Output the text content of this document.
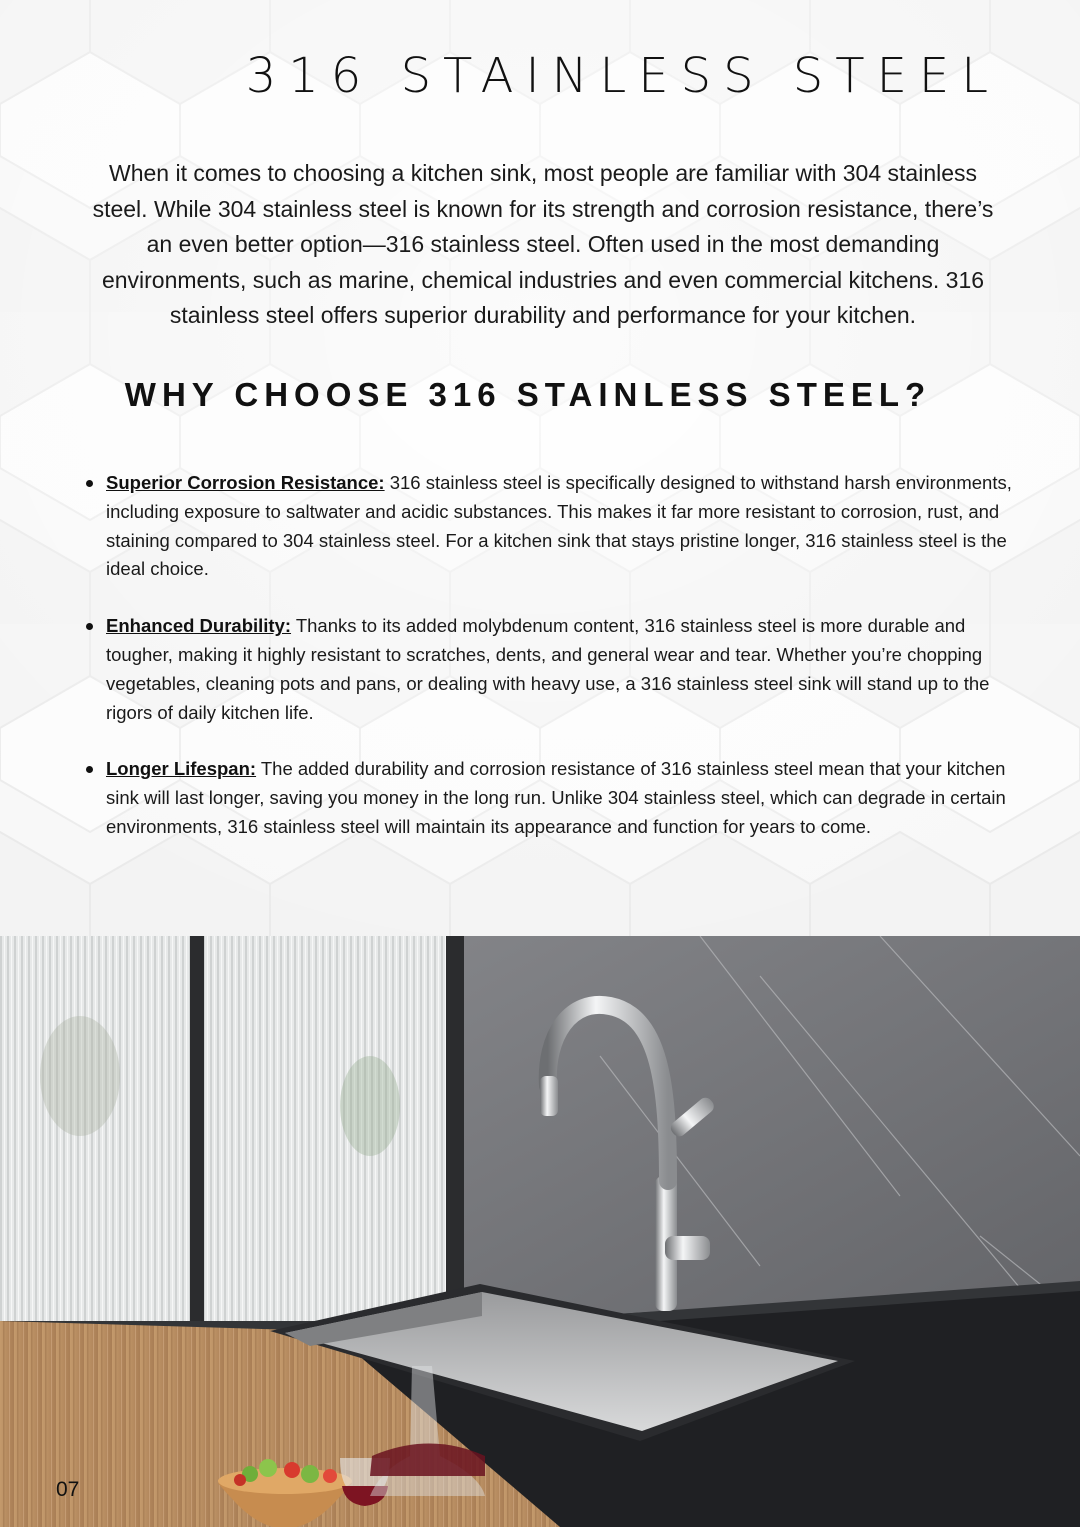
316 STAINLESS STEEL

When it comes to choosing a kitchen sink, most people are familiar with 304 stainless steel. While 304 stainless steel is known for its strength and corrosion resistance, there’s an even better option—316 stainless steel. Often used in the most demanding environments, such as marine, chemical industries and even commercial kitchens. 316 stainless steel offers superior durability and performance for your kitchen.

WHY CHOOSE 316 STAINLESS STEEL?
Superior Corrosion Resistance: 316 stainless steel is specifically designed to withstand harsh environments, including exposure to saltwater and acidic substances. This makes it far more resistant to corrosion, rust, and staining compared to 304 stainless steel. For a kitchen sink that stays pristine longer, 316 stainless steel is the ideal choice.
Enhanced Durability: Thanks to its added molybdenum content, 316 stainless steel is more durable and tougher, making it highly resistant to scratches, dents, and general wear and tear. Whether you’re chopping vegetables, cleaning pots and pans, or dealing with heavy use, a 316 stainless steel sink will stand up to the rigors of daily kitchen life.
Longer Lifespan: The added durability and corrosion resistance of 316 stainless steel mean that your kitchen sink will last longer, saving you money in the long run. Unlike 304 stainless steel, which can degrade in certain environments, 316 stainless steel will maintain its appearance and function for years to come.
07
